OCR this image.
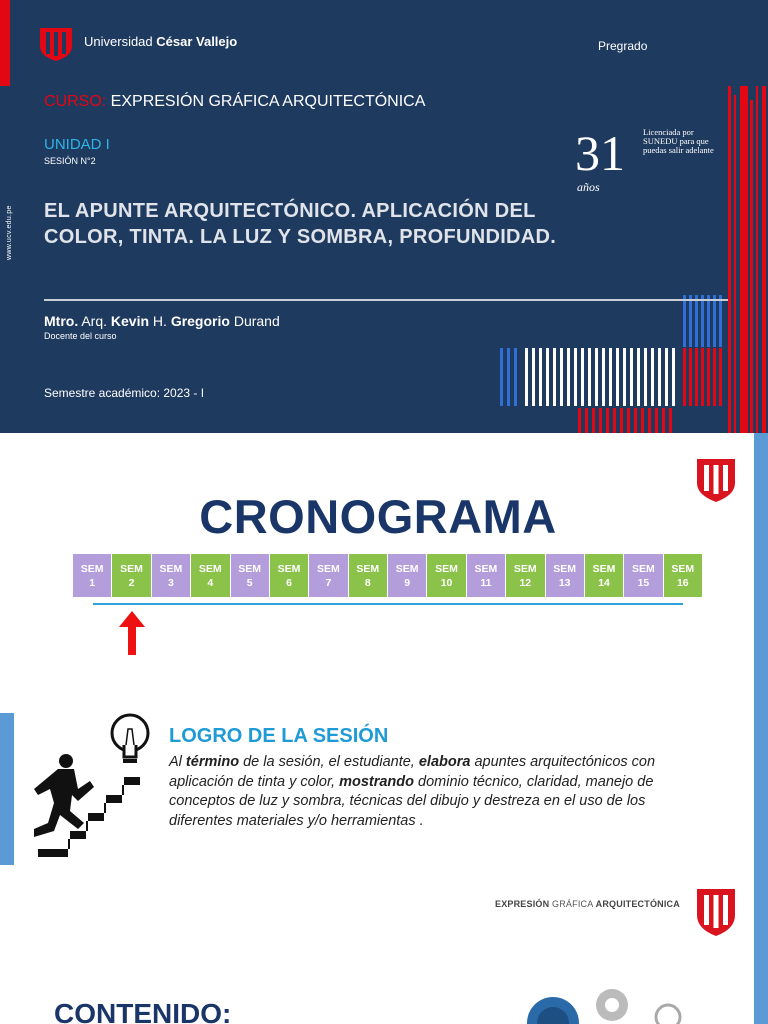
www.ucv.edu.pe
Universidad César Vallejo	Pregrado
CURSO: EXPRESIÓN GRÁFICA ARQUITECTÓNICA
UNIDAD I
SESIÓN N°2	31
años
Licenciada por SUNEDU para que puedas salir adelante
EL APUNTE ARQUITECTÓNICO. APLICACIÓN DEL COLOR, TINTA. LA LUZ Y SOMBRA, PROFUNDIDAD.
Mtro. Arq. Kevin H. Gregorio Durand
Docente del curso
Semestre académico: 2023 - I
CRONOGRAMA
SEM
1
SEM
2
SEM
3
SEM
4
SEM
5
SEM
6
SEM
7
SEM
8
SEM
9
SEM
10
SEM
11
SEM
12
SEM
13
SEM
14
SEM
15
SEM
16
LOGRO DE LA SESIÓN
Al término de la sesión, el estudiante, elabora apuntes arquitectónicos con aplicación de tinta y color, mostrando dominio técnico, claridad, manejo de conceptos de luz y sombra, técnicas del dibujo y destreza en el uso de los diferentes materiales y/o herramientas .
EXPRESIÓN GRÁFICA ARQUITECTÓNICA
CONTENIDO:
